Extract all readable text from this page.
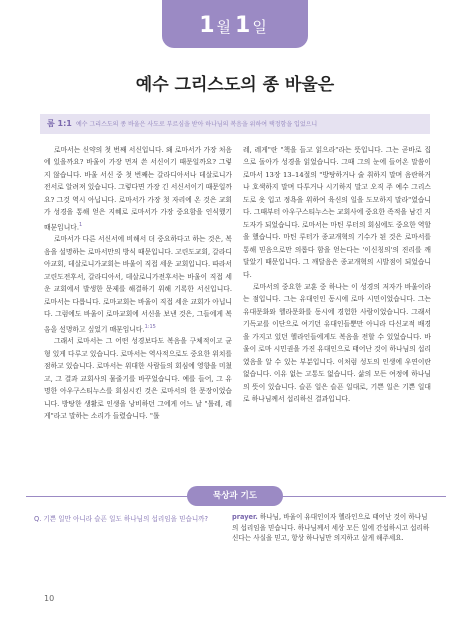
1 월 1 일
예수 그리스도의 종 바울은
롬 1:1 예수 그리스도의 종 바울은 사도로 부르심을 받아 하나님의 복음을 위하여 택정함을 입었으니

로마서는 신약의 첫 번째 서신입니다. 왜 로마서가 가장 처음에 있을까요? 바울이 가장 먼저 쓴 서신이기 때문일까요? 그렇지 않습니다. 바울 서신 중 첫 번째는 갈라디아서나 데살로니가전서로 알려져 있습니다. 그렇다면 가장 긴 서신서이기 때문일까요? 그것 역시 아닙니다. 로마서가 가장 첫 자리에 온 것은 교회가 성경을 통해 얻은 지혜로 로마서가 가장 중요함을 인식했기 때문입니다.$^1$

로마서가 다른 서신서에 비해서 더 중요하다고 하는 것은, 복음을 설명하는 로마서만의 방식 때문입니다. 고린도교회, 갈라디아교회, 데살로니가교회는 바울이 직접 세운 교회입니다. 따라서 고린도전후서, 갈라디아서, 데살로니가전후서는 바울이 직접 세운 교회에서 발생한 문제를 해결하기 위해 기록한 서신입니다. 로마서는 다릅니다. 로마교회는 바울이 직접 세운 교회가 아닙니다. 그럼에도 바울이 로마교회에 서신을 보낸 것은, 그들에게 복음을 설명하고 싶었기 때문입니다.$^{1:15}$

그래서 로마서는 그 어떤 성경보다도 복음을 구체적이고 균형 있게 다루고 있습니다. 로마서는 역사적으로도 중요한 위치를 점하고 있습니다. 로마서는 위대한 사람들의 회심에 영향을 미쳤고, 그 결과 교회사의 물줄기를 바꾸었습니다. 예를 들어, 그 유명한 아우구스티누스를 회심시킨 것은 로마서의 한 문장이었습니다. 방탕한 생활로 인생을 낭비하던 그에게 어느 날 "톨레, 레게"라고 말하는 소리가 들렸습니다. "톨

레, 레게"란 "책을 들고 읽으라"라는 뜻입니다. 그는 곧바로 집으로 돌아가 성경을 읽었습니다. 그때 그의 눈에 들어온 말씀이 로마서 13장 13–14절의 "방탕하거나 술 취하지 말며 음란하거나 호색하지 말며 다투거나 시기하지 말고 오직 주 예수 그리스도로 옷 입고 정욕을 위하여 육신의 일을 도모하지 말라"였습니다. 그때부터 아우구스티누스는 교회사에 중요한 족적을 남긴 지도자가 되었습니다. 로마서는 마틴 루터의 회심에도 중요한 역할을 했습니다. 마틴 루터가 종교개혁의 기수가 된 것은 로마서를 통해 믿음으로만 의롭다 함을 얻는다는 '이신칭의'의 진리를 깨달았기 때문입니다. 그 깨달음은 종교개혁의 시발점이 되었습니다.

로마서의 중요한 교훈 중 하나는 이 성경의 저자가 바울이라는 점입니다. 그는 유대인인 동시에 로마 시민이었습니다. 그는 유대문화와 헬라문화를 동시에 경험한 사람이었습니다. 그래서 기독교를 이단으로 여기던 유대인들뿐만 아니라 다신교적 배경을 가지고 있던 헬라인들에게도 복음을 전할 수 있었습니다. 바울이 로마 시민권을 가진 유대인으로 태어난 것이 하나님의 섭리였음을 알 수 있는 부분입니다. 이처럼 성도의 인생에 우연이란 없습니다. 이유 없는 고통도 없습니다. 삶의 모든 여정에 하나님의 뜻이 있습니다. 슬픈 일은 슬픈 일대로, 기쁜 일은 기쁜 일대로 하나님께서 섭리하신 결과입니다.

묵상과 기도
Q. 기쁜 일만 아니라 슬픈 일도 하나님의 섭리임을 믿습니까?	prayer. 하나님, 바울이 유대인이자 헬라인으로 태어난 것이 하나님의 섭리임을 믿습니다. 하나님께서 세상 모든 일에 간섭하시고 섭리하신다는 사실을 믿고, 항상 하나님만 의지하고 살게 해주세요.
10
